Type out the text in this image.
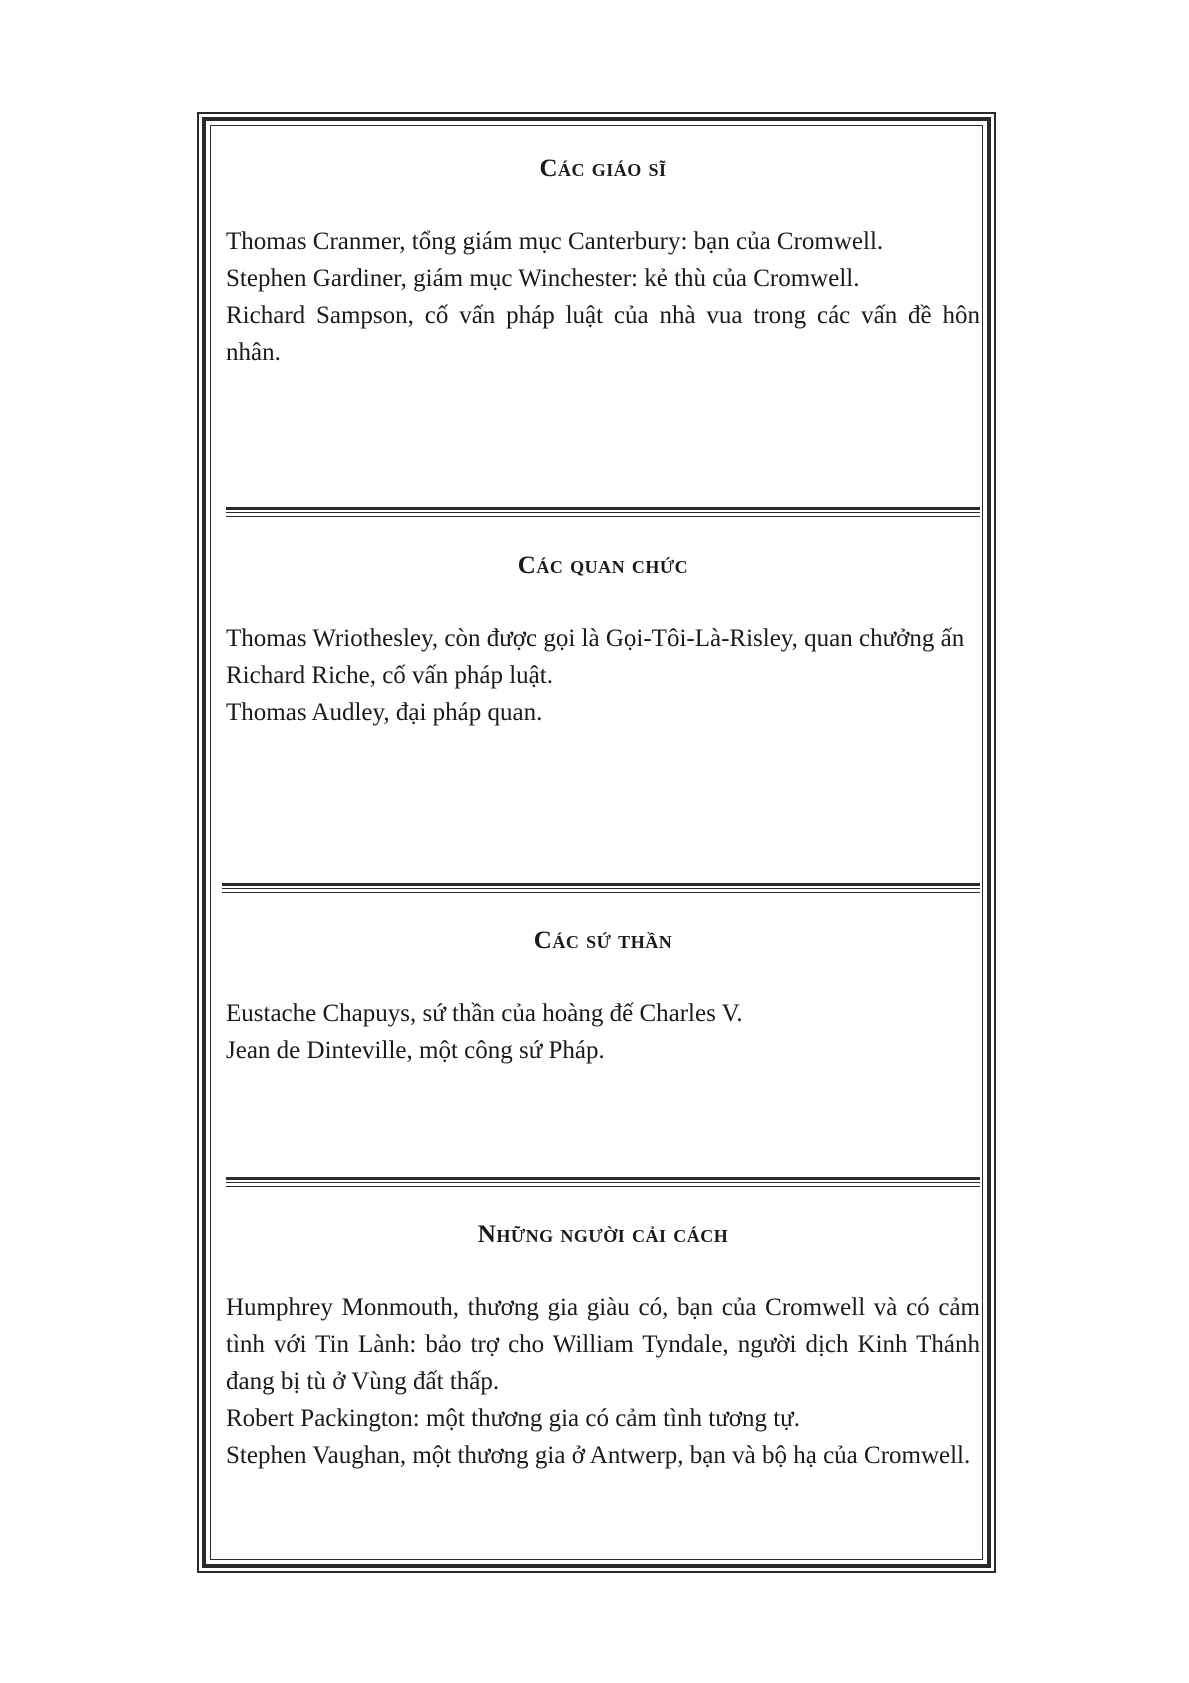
Các giáo sĩ
Thomas Cranmer, tổng giám mục Canterbury: bạn của Cromwell.
Stephen Gardiner, giám mục Winchester: kẻ thù của Cromwell.
Richard Sampson, cố vấn pháp luật của nhà vua trong các vấn đề hôn nhân.
Các quan chức
Thomas Wriothesley, còn được gọi là Gọi-Tôi-Là-Risley, quan chưởng ấn
Richard Riche, cố vấn pháp luật.
Thomas Audley, đại pháp quan.
Các sứ thần
Eustache Chapuys, sứ thần của hoàng đế Charles V.
Jean de Dinteville, một công sứ Pháp.
Những người cải cách
Humphrey Monmouth, thương gia giàu có, bạn của Cromwell và có cảm tình với Tin Lành: bảo trợ cho William Tyndale, người dịch Kinh Thánh đang bị tù ở Vùng đất thấp.
Robert Packington: một thương gia có cảm tình tương tự.
Stephen Vaughan, một thương gia ở Antwerp, bạn và bộ hạ của Cromwell.
